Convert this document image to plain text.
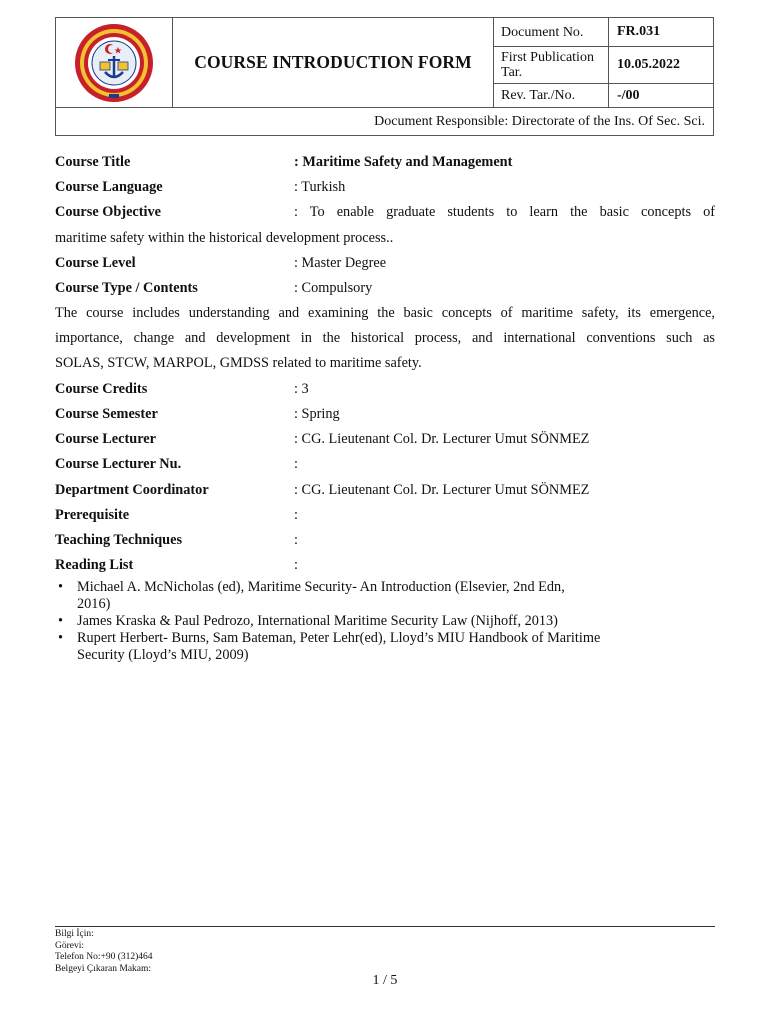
COURSE INTRODUCTION FORM
Document No.	FR.031
First Publication Tar.
10.05.2022
Rev. Tar./No.	-/00
Document Responsible: Directorate of the Ins. Of Sec. Sci.
Course Title	: Maritime Safety and Management
Course Language	: Turkish
Course Objective	: To enable graduate students to learn the basic concepts of
maritime safety within the historical development process..
Course Level	: Master Degree
Course Type / Contents	: Compulsory
The course includes understanding and examining the basic concepts of maritime safety, its emergence,
importance, change and development in the historical process, and international conventions such as
SOLAS, STCW, MARPOL, GMDSS related to maritime safety.
Course Credits	: 3
Course Semester	: Spring
Course Lecturer	: CG. Lieutenant Col. Dr. Lecturer Umut SÖNMEZ
Course Lecturer Nu.	:
Department Coordinator	: CG. Lieutenant Col. Dr. Lecturer Umut SÖNMEZ
Prerequisite	:
Teaching Techniques	:
Reading List	:
• Michael A. McNicholas (ed), Maritime Security- An Introduction (Elsevier, 2nd Edn,
2016)
• James Kraska & Paul Pedrozo, International Maritime Security Law (Nijhoff, 2013)
• Rupert Herbert- Burns, Sam Bateman, Peter Lehr(ed), Lloyd’s MIU Handbook of Maritime
Security (Lloyd’s MIU, 2009)
Bilgi İçin:
Görevi:
Telefon No:+90 (312)464
Belgeyi Çıkaran Makam:
1 / 5
